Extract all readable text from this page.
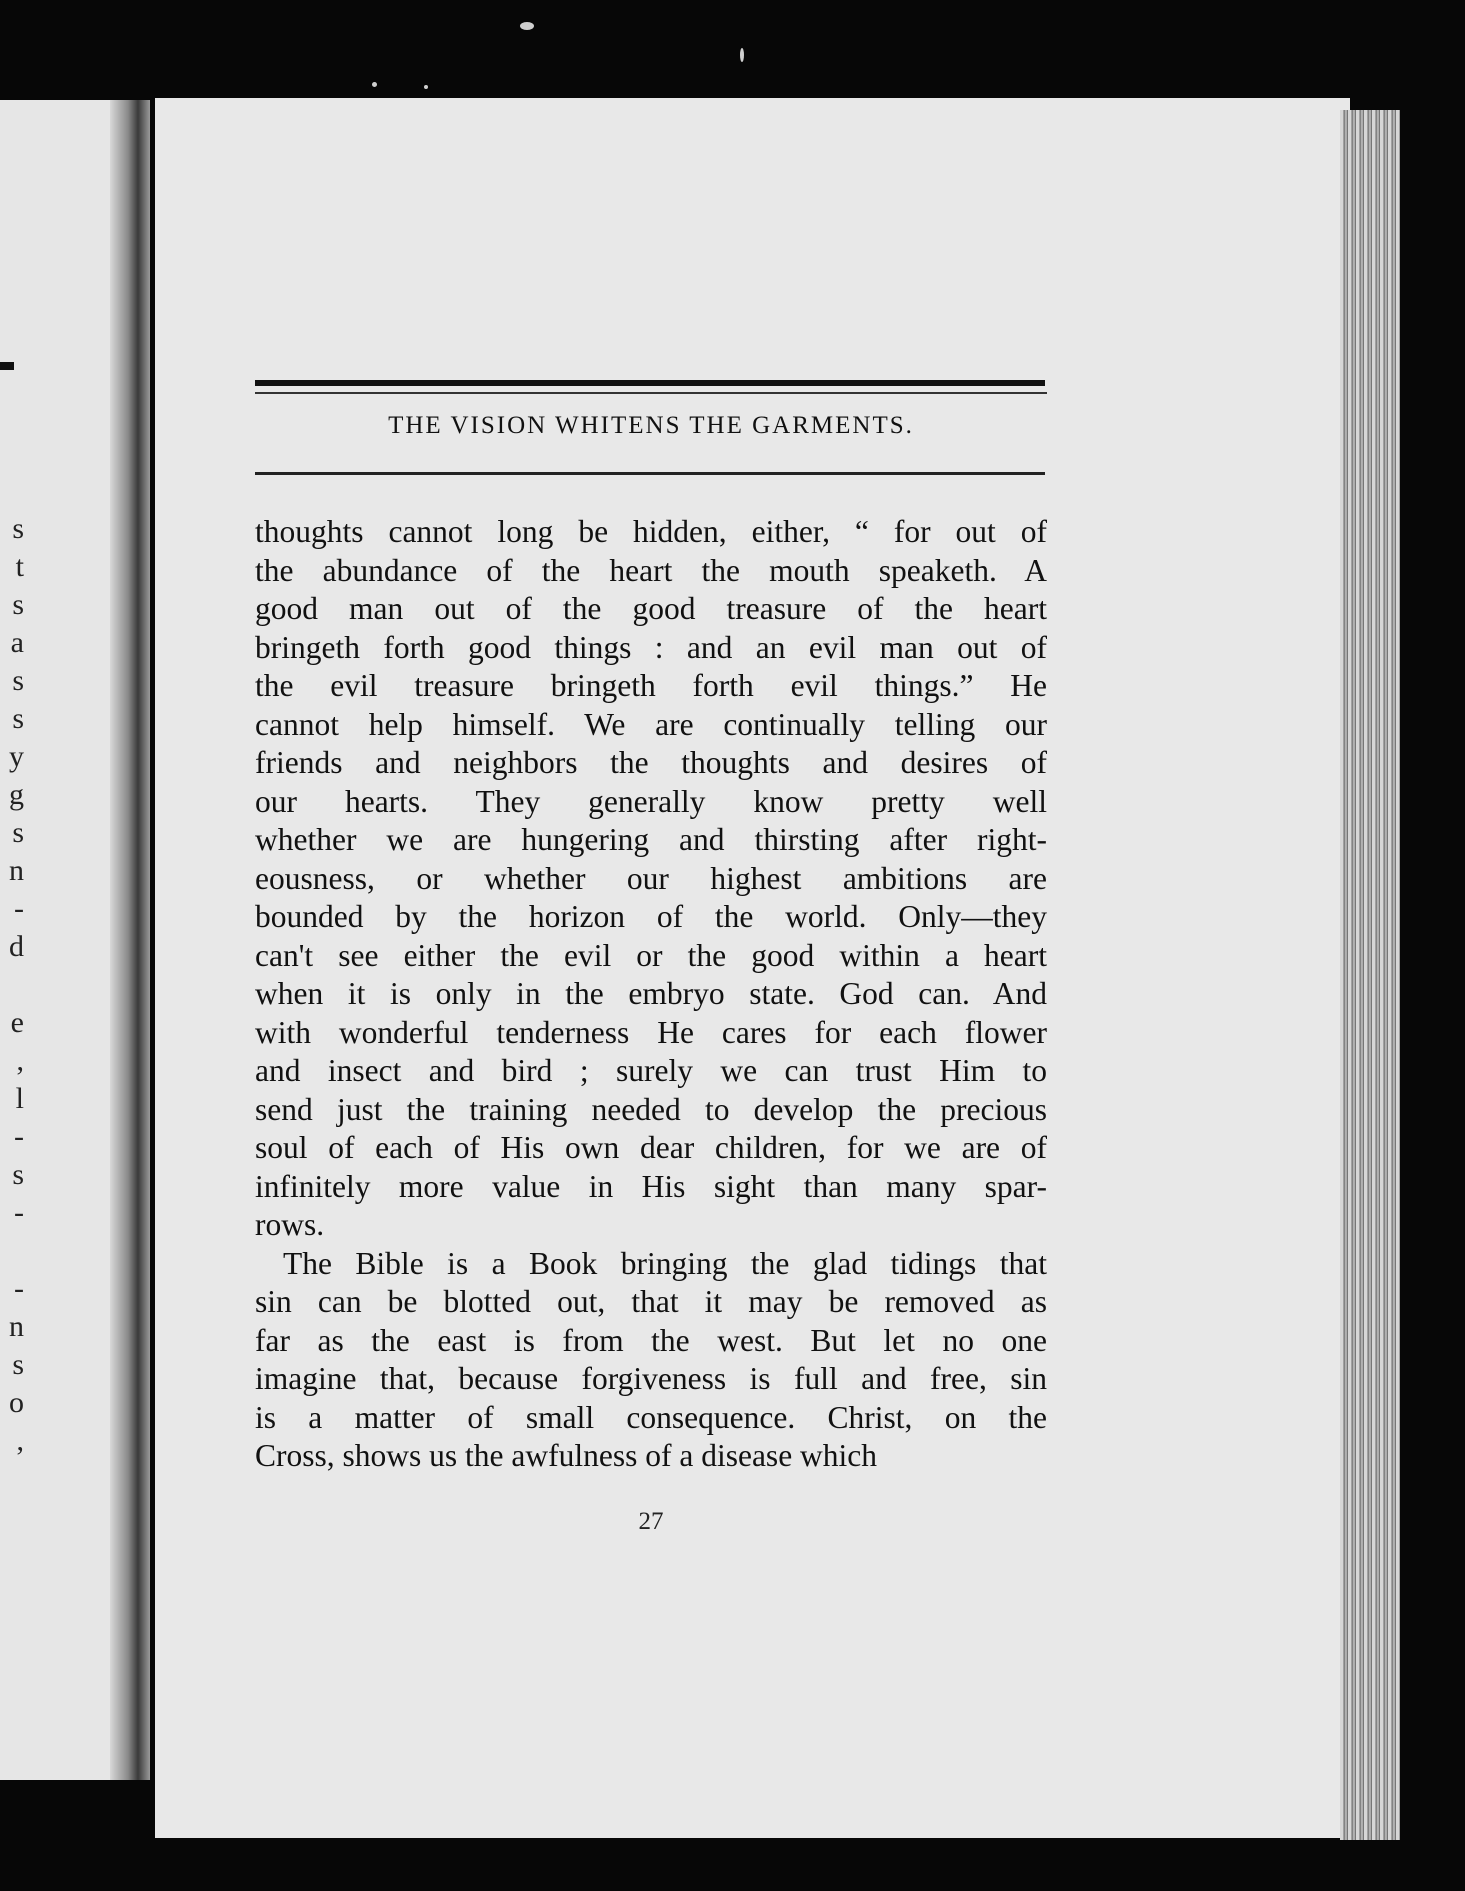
s
t
s
a
s
s
y
g
s
n
-
d

e
,
l
-
s
-

-
n
s
o
,
THE VISION WHITENS THE GARMENTS.

thoughts cannot long be hidden, either, “ for out of
the abundance of the heart the mouth speaketh. A
good man out of the good treasure of the heart
bringeth forth good things : and an evil man out of
the evil treasure bringeth forth evil things.” He
cannot help himself. We are continually telling our
friends and neighbors the thoughts and desires of
our hearts. They generally know pretty well
whether we are hungering and thirsting after right-
eousness, or whether our highest ambitions are
bounded by the horizon of the world. Only—they
can't see either the evil or the good within a heart
when it is only in the embryo state. God can. And
with wonderful tenderness He cares for each flower
and insect and bird ; surely we can trust Him to
send just the training needed to develop the precious
soul of each of His own dear children, for we are of
infinitely more value in His sight than many spar-
rows.

The Bible is a Book bringing the glad tidings that
sin can be blotted out, that it may be removed as
far as the east is from the west. But let no one
imagine that, because forgiveness is full and free, sin
is a matter of small consequence. Christ, on the
Cross, shows us the awfulness of a disease which

27
